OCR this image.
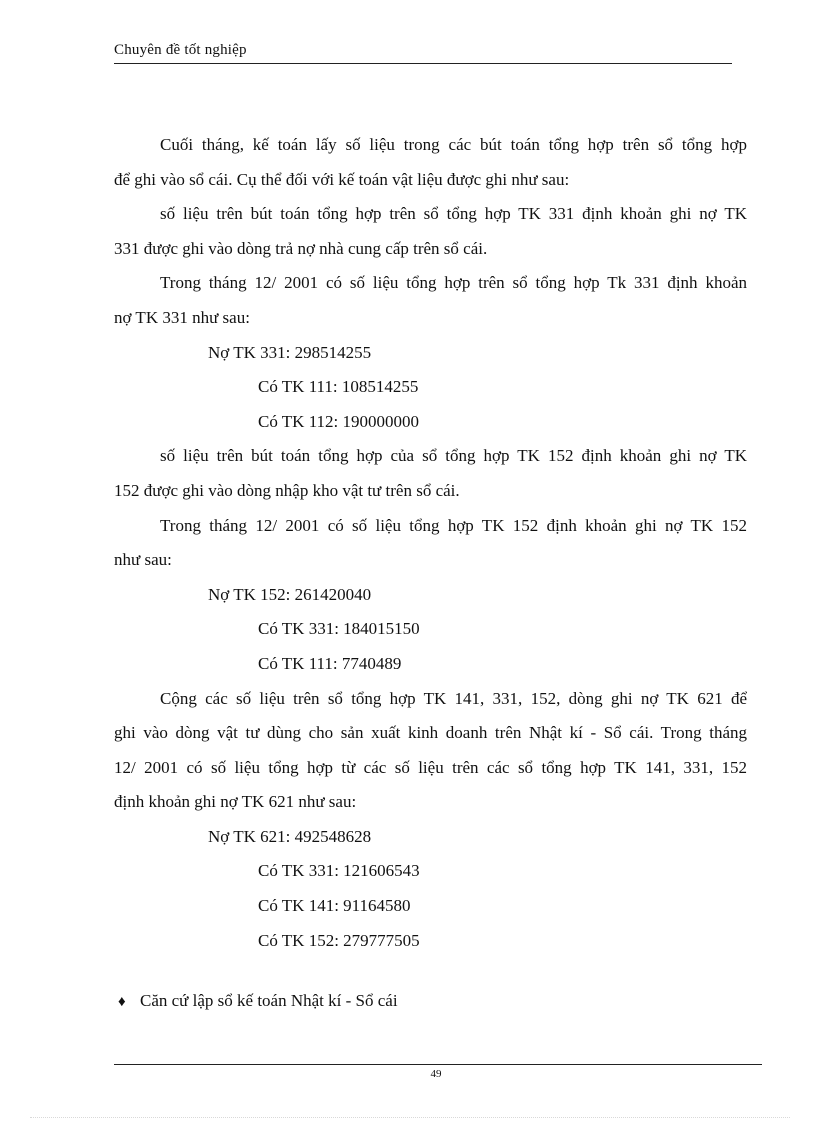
Chuyên đề tốt nghiệp
Cuối tháng, kế toán lấy số liệu trong các bút toán tổng hợp trên sổ tổng hợp
để ghi vào sổ cái. Cụ thể đối với kế toán vật liệu được ghi như sau:
số liệu trên bút toán tổng hợp trên sổ tổng hợp TK 331 định khoản ghi nợ TK
331 được ghi vào dòng trả nợ nhà cung cấp trên sổ cái.
Trong tháng 12/ 2001 có số liệu tổng hợp trên sổ tổng hợp Tk 331 định khoản
nợ TK 331 như sau:
Nợ TK 331: 298514255
Có TK 111: 108514255
Có TK 112: 190000000
số liệu trên bút toán tổng hợp của sổ tổng hợp TK 152 định khoản ghi nợ TK
152 được ghi vào dòng nhập kho vật tư trên sổ cái.
Trong tháng 12/ 2001 có số liệu tổng hợp TK 152 định khoản ghi nợ TK 152
như sau:
Nợ TK 152: 261420040
Có TK 331: 184015150
Có TK 111: 7740489
Cộng các số liệu trên sổ tổng hợp TK 141, 331, 152, dòng ghi nợ TK 621 để
ghi vào dòng vật tư dùng cho sản xuất kinh doanh trên Nhật kí - Sổ cái. Trong tháng
12/ 2001 có số liệu tổng hợp từ các số liệu trên các sổ tổng hợp TK 141, 331, 152
định khoản ghi nợ TK 621 như sau:
Nợ TK 621: 492548628
Có TK 331: 121606543
Có TK 141: 91164580
Có TK 152: 279777505
♦ Căn cứ lập sổ kế toán Nhật kí - Sổ cái
49
